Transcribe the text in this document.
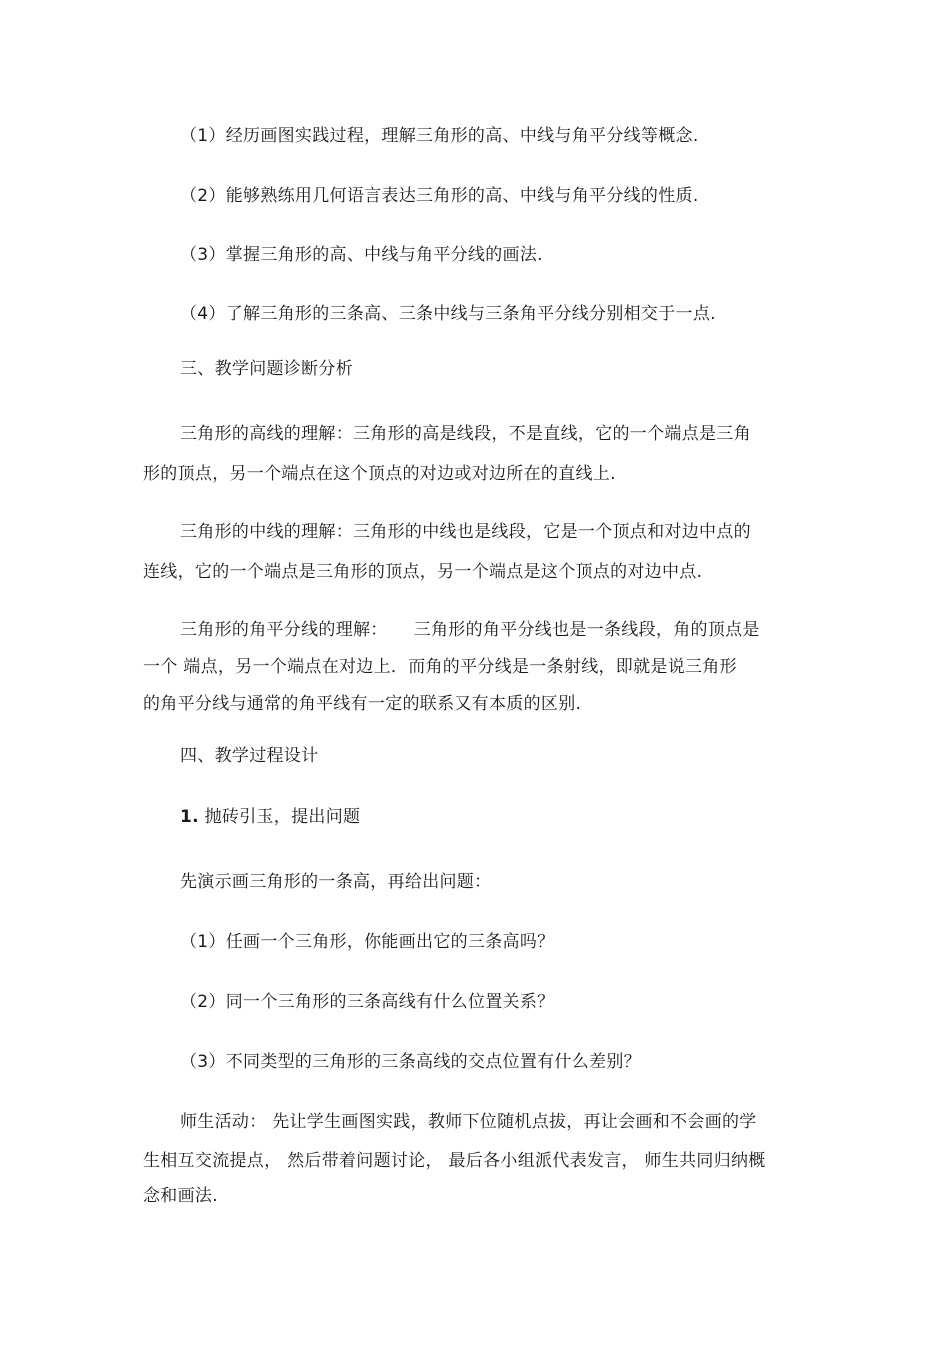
（1）经历画图实践过程，理解三角形的高、中线与角平分线等概念.
（2）能够熟练用几何语言表达三角形的高、中线与角平分线的性质.
（3）掌握三角形的高、中线与角平分线的画法.
（4）了解三角形的三条高、三条中线与三条角平分线分别相交于一点.
三、教学问题诊断分析
三角形的高线的理解：三角形的高是线段，不是直线，它的一个端点是三角
形的顶点，另一个端点在这个顶点的对边或对边所在的直线上.
三角形的中线的理解：三角形的中线也是线段，它是一个顶点和对边中点的
连线，它的一个端点是三角形的顶点，另一个端点是这个顶点的对边中点.
三角形的角平分线的理解：　　三角形的角平分线也是一条线段，角的顶点是
一个 端点，另一个端点在对边上．而角的平分线是一条射线，即就是说三角形
的角平分线与通常的角平线有一定的联系又有本质的区别.
四、教学过程设计
1. 抛砖引玉，提出问题
先演示画三角形的一条高，再给出问题：
（1）任画一个三角形，你能画出它的三条高吗？
（2）同一个三角形的三条高线有什么位置关系？
（3）不同类型的三角形的三条高线的交点位置有什么差别？
师生活动： 先让学生画图实践，教师下位随机点拔，再让会画和不会画的学
生相互交流提点， 然后带着问题讨论， 最后各小组派代表发言， 师生共同归纳概
念和画法.
